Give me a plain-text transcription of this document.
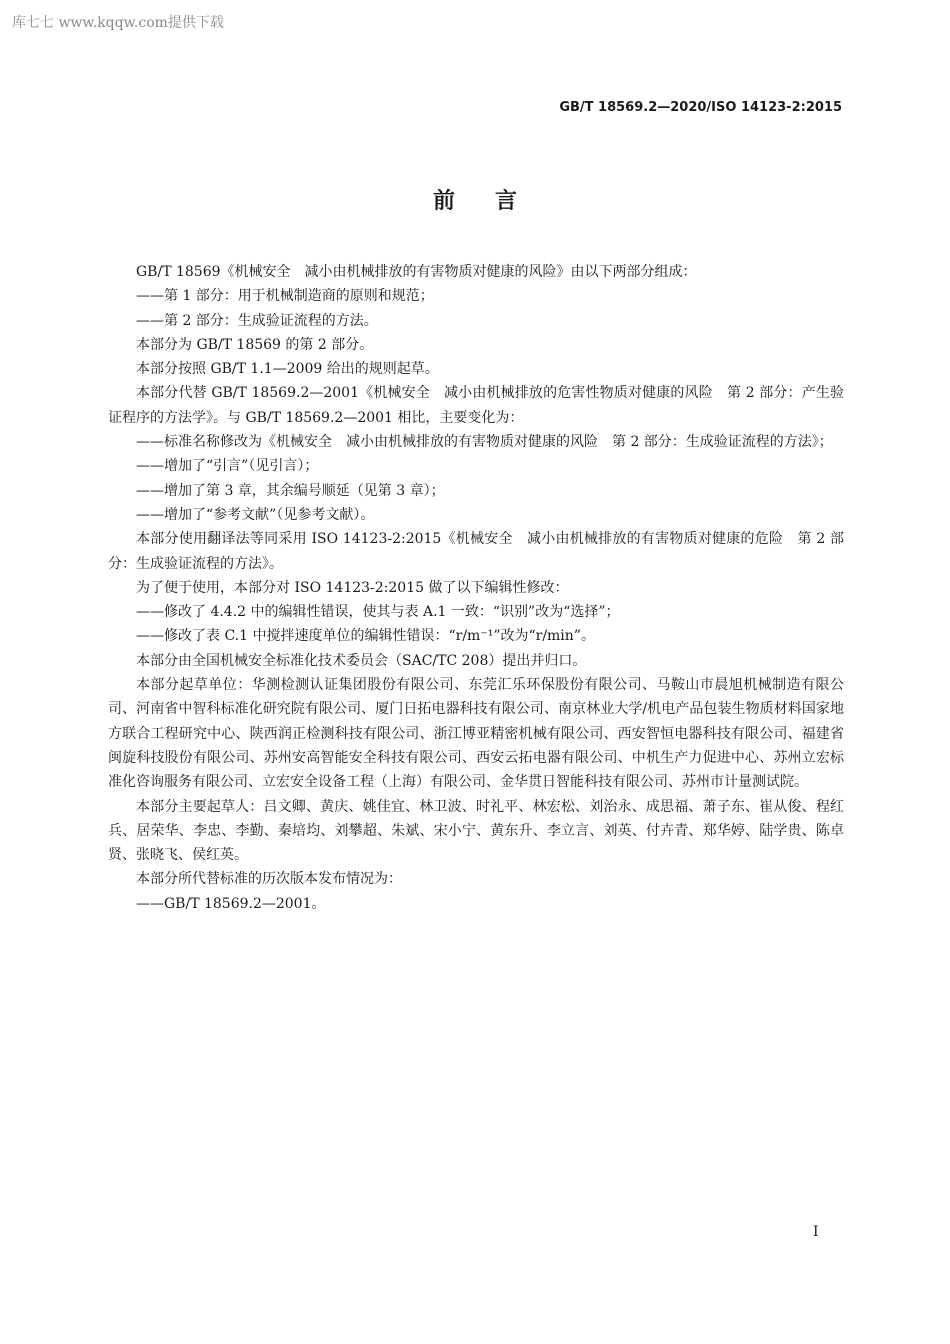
库七七 www.kqqw.com提供下载
GB/T 18569.2—2020/ISO 14123-2:2015
前言

GB/T 18569《机械安全　减小由机械排放的有害物质对健康的风险》由以下两部分组成：

——第 1 部分：用于机械制造商的原则和规范；

——第 2 部分：生成验证流程的方法。

本部分为 GB/T 18569 的第 2 部分。

本部分按照 GB/T 1.1—2009 给出的规则起草。

本部分代替 GB/T 18569.2—2001《机械安全　减小由机械排放的危害性物质对健康的风险　第 2 部分：产生验证程序的方法学》。与 GB/T 18569.2—2001 相比，主要变化为：

——标准名称修改为《机械安全　减小由机械排放的有害物质对健康的风险　第 2 部分：生成验证流程的方法》；

——增加了“引言”（见引言）；

——增加了第 3 章，其余编号顺延（见第 3 章）；

——增加了“参考文献”（见参考文献）。

本部分使用翻译法等同采用 ISO 14123-2:2015《机械安全　减小由机械排放的有害物质对健康的危险　第 2 部分：生成验证流程的方法》。

为了便于使用，本部分对 ISO 14123-2:2015 做了以下编辑性修改：

——修改了 4.4.2 中的编辑性错误，使其与表 A.1 一致：“识别”改为“选择”；

——修改了表 C.1 中搅拌速度单位的编辑性错误：“r/m⁻¹”改为“r/min”。

本部分由全国机械安全标准化技术委员会（SAC/TC 208）提出并归口。

本部分起草单位：华测检测认证集团股份有限公司、东莞汇乐环保股份有限公司、马鞍山市晨旭机械制造有限公司、河南省中智科标准化研究院有限公司、厦门日拓电器科技有限公司、南京林业大学/机电产品包装生物质材料国家地方联合工程研究中心、陕西润正检测科技有限公司、浙江博亚精密机械有限公司、西安智恒电器科技有限公司、福建省闽旋科技股份有限公司、苏州安高智能安全科技有限公司、西安云拓电器有限公司、中机生产力促进中心、苏州立宏标准化咨询服务有限公司、立宏安全设备工程（上海）有限公司、金华贯日智能科技有限公司、苏州市计量测试院。

本部分主要起草人：吕文卿、黄庆、姚佳宜、林卫波、时礼平、林宏松、刘治永、成思福、萧子东、崔从俊、程红兵、居荣华、李忠、李勤、秦培均、刘攀超、朱斌、宋小宁、黄东升、李立言、刘英、付卉青、郑华婷、陆学贵、陈卓贤、张晓飞、侯红英。

本部分所代替标准的历次版本发布情况为：

——GB/T 18569.2—2001。

I
